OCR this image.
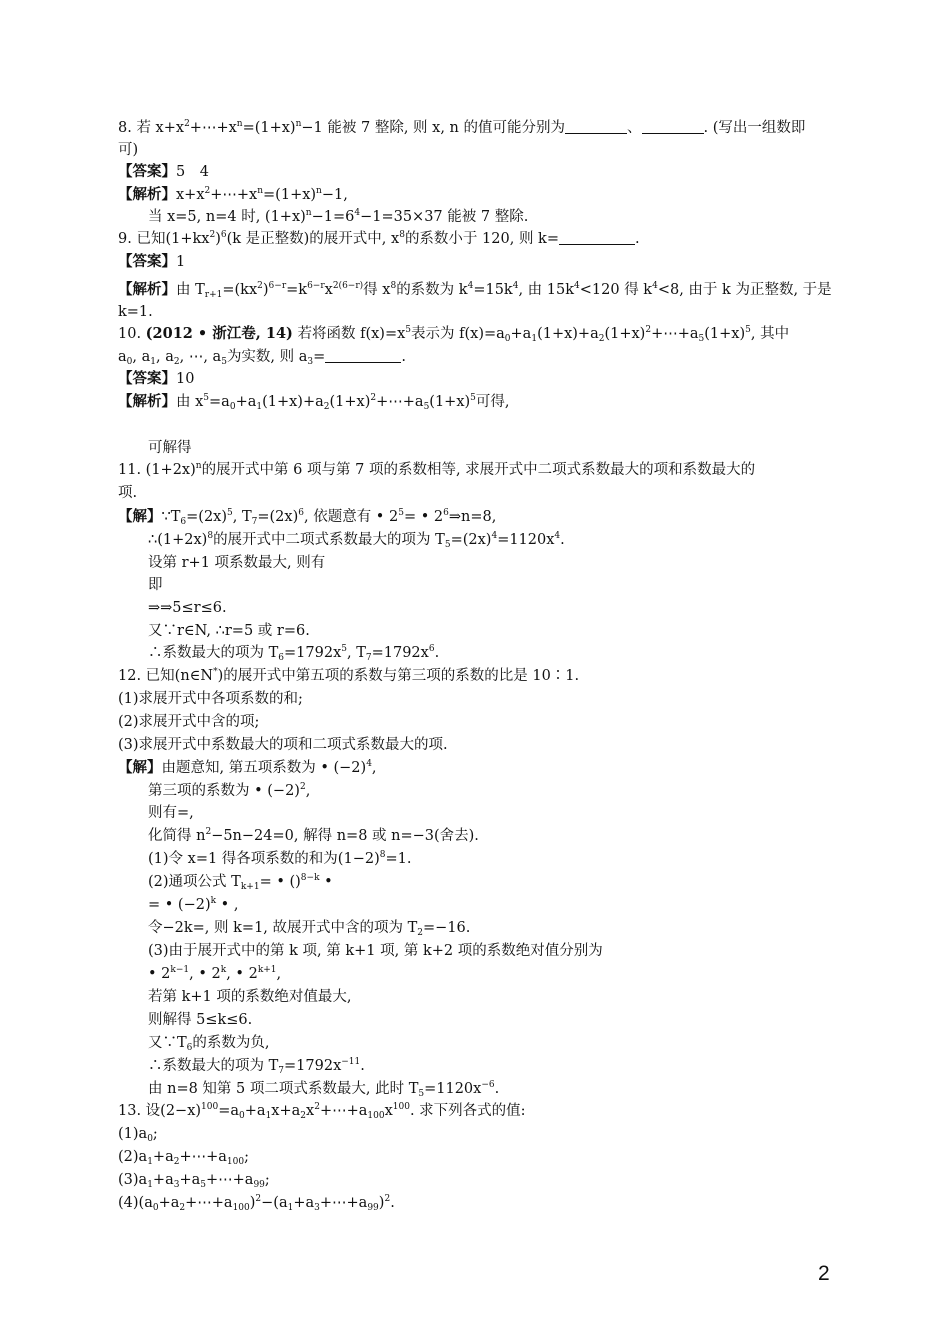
8. 若 $x+x^2+\cdots+x^n=(1+x)^n-1$ 能被 7 整除, 则 x, n 的值可能分别为	、	. (写出一组数即
可)
【答案】5　4
【解析】$x+x^2+\cdots+x^n=(1+x)^n-1$,
当 x=5, n=4 时, $(1+x)^n-1=6^4-1=35\times 37$ 能被 7 整除.
9. 已知$(1+kx^2)^6(k$ 是正整数)的展开式中, $x^8$的系数小于 120, 则 k=	.
【答案】1
【解析】由 $T_{r+1}=(kx^2)^{6-r}=k^{6-r}x^{2(6-r)}$得 $x^8$的系数为 $k^4=15k^4$, 由 $15k^4<120$ 得 $k^4<8$, 由于 k 为正整数, 于是
k=1.
10. (2012 • 浙江卷, 14) 若将函数 $f(x)=x^5$表示为 $f(x)=a_0+a_1(1+x)+a_2(1+x)^2+\cdots+a_5(1+x)^5$, 其中
$a_0$, $a_1$, $a_2$, ⋯, $a_5$为实数, 则 $a_3=$	.
【答案】10
【解析】由 $x^5=a_0+a_1(1+x)+a_2(1+x)^2+\cdots+a_5(1+x)^5$可得,
可解得
11. $(1+2x)^n$的展开式中第 6 项与第 7 项的系数相等, 求展开式中二项式系数最大的项和系数最大的
项.
【解】$\because T_6=(2x)^5$, $T_7=(2x)^6$, 依题意有 • $2^5=$ • $2^6\Rightarrow n=8$,
$\therefore(1+2x)^8$的展开式中二项式系数最大的项为 $T_5=(2x)^4=1120x^4$.
设第 r+1 项系数最大, 则有
即
⇒⇒5≤r≤6.
又∵r∈N, ∴r=5 或 r=6.
∴系数最大的项为 $T_6=1792x^5$, $T_7=1792x^6$.
12. 已知(n∈N*)的展开式中第五项的系数与第三项的系数的比是 10∶1.
(1)求展开式中各项系数的和;
(2)求展开式中含的项;
(3)求展开式中系数最大的项和二项式系数最大的项.
【解】由题意知, 第五项系数为 • $(-2)^4$,
第三项的系数为 • $(-2)^2$,
则有=,
化简得 $n^2-5n-24=0$, 解得 n=8 或 n=−3(舍去).
(1)令 x=1 得各项系数的和为$(1-2)^8=1$.
(2)通项公式 $T_{k+1}=$ • ()$^{8-k}$ •
= • $(-2)^k$ • ,
令−2k=, 则 k=1, 故展开式中含的项为 $T_2=-16$.
(3)由于展开式中的第 k 项, 第 k+1 项, 第 k+2 项的系数绝对值分别为
• $2^{k-1}$, • 2$^k$, • $2^{k+1}$,
若第 k+1 项的系数绝对值最大,
则解得 5≤k≤6.
又$\because T_6$的系数为负,
∴系数最大的项为 $T_7=1792x^{-11}$.
由 n=8 知第 5 项二项式系数最大, 此时 $T_5=1120x^{-6}$.
13. 设$(2-x)^{100}=a_0+a_1x+a_2x^2+\cdots+a_{100}x^{100}$. 求下列各式的值:
$(1)a_0$;
$(2)a_1+a_2+\cdots+a_{100}$;
$(3)a_1+a_3+a_5+\cdots+a_{99}$;
$(4)(a_0+a_2+\cdots+a_{100})^2-(a_1+a_3+\cdots+a_{99})^2$.
2
